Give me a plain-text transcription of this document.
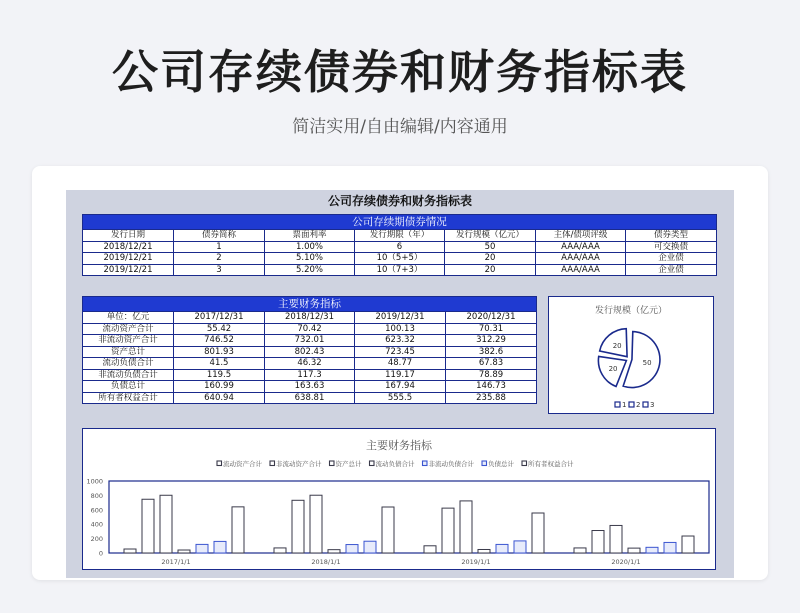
公司存续债券和财务指标表
简洁实用/自由编辑/内容通用
公司存续债券和财务指标表
公司存续期债券情况						
发行日期	债券简称	票面利率	发行期限（年）	发行规模（亿元）	主体/债项评级	债券类型
2018/12/21	1	1.00%	6	50	AAA/AAA	可交换债
2019/12/21	2	5.10%	10（5+5）	20	AAA/AAA	企业债
2019/12/21	3	5.20%	10（7+3）	20	AAA/AAA	企业债
主要财务指标				
单位：亿元	2017/12/31	2018/12/31	2019/12/31	2020/12/31
流动资产合计	55.42	70.42	100.13	70.31
非流动资产合计	746.52	732.01	623.32	312.29
资产总计	801.93	802.43	723.45	382.6
流动负债合计	41.5	46.32	48.77	67.83
非流动负债合计	119.5	117.3	119.17	78.89
负债总计	160.99	163.63	167.94	146.73
所有者权益合计	640.94	638.81	555.5	235.88
发行规模（亿元）
50
20
20
1 2 3
主要财务指标
流动资产合计 非流动资产合计 资产总计 流动负债合计 非流动负债合计 负债总计 所有者权益合计
1000
800
600
400
200
0
2017/1/1	2018/1/1	2019/1/1	2020/1/1
